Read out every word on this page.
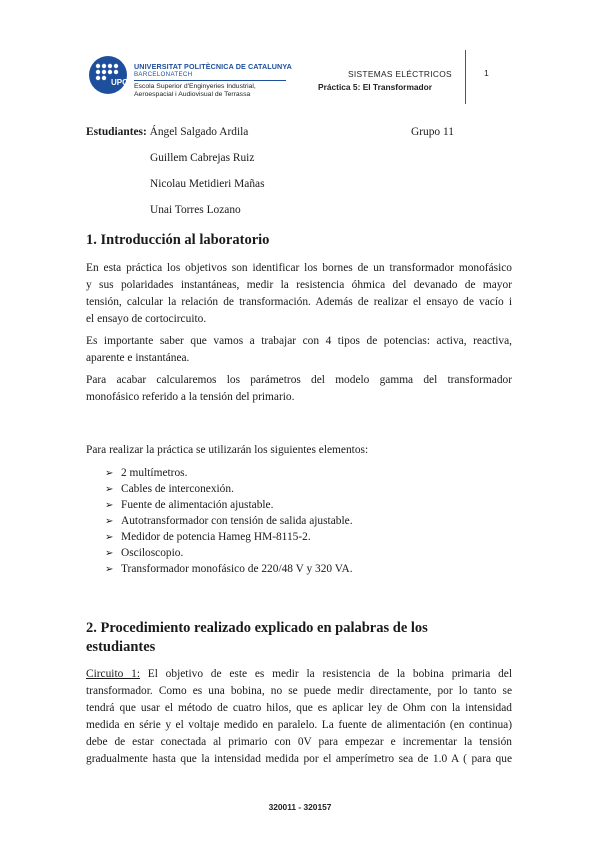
UPC
UNIVERSITAT POLITÈCNICA DE CATALUNYA
BARCELONATECH
Escola Superior d'Enginyeries Industrial,
Aeroespacial i Audiovisual de Terrassa
SISTEMAS ELÉCTRICOS
Práctica 5: El Transformador
1
Estudiantes: Ángel Salgado Ardila	Grupo 11
Guillem Cabrejas Ruiz
Nicolau Metidieri Mañas
Unai Torres Lozano
1. Introducción al laboratorio
En esta práctica los objetivos son identificar los bornes de un transformador monofásico
y sus polaridades instantáneas, medir la resistencia óhmica del devanado de mayor
tensión, calcular la relación de transformación. Además de realizar el ensayo de vacío i
el ensayo de cortocircuito.
Es importante saber que vamos a trabajar con 4 tipos de potencias: activa, reactiva,
aparente e instantánea.
Para acabar calcularemos los parámetros del modelo gamma del transformador
monofásico referido a la tensión del primario.
Para realizar la práctica se utilizarán los siguientes elementos:
➢ 2 multímetros.
➢ Cables de interconexión.
➢ Fuente de alimentación ajustable.
➢ Autotransformador con tensión de salida ajustable.
➢ Medidor de potencia Hameg HM-8115-2.
➢ Osciloscopio.
➢ Transformador monofásico de 220/48 V y 320 VA.
2. Procedimiento realizado explicado en palabras de los
estudiantes
Circuito 1: El objetivo de este es medir la resistencia de la bobina primaria del
transformador. Como es una bobina, no se puede medir directamente, por lo tanto se
tendrá que usar el método de cuatro hilos, que es aplicar ley de Ohm con la intensidad
medida en série y el voltaje medido en paralelo. La fuente de alimentación (en continua)
debe de estar conectada al primario con 0V para empezar e incrementar la tensión
gradualmente hasta que la intensidad medida por el amperímetro sea de 1.0 A ( para que
320011 - 320157
